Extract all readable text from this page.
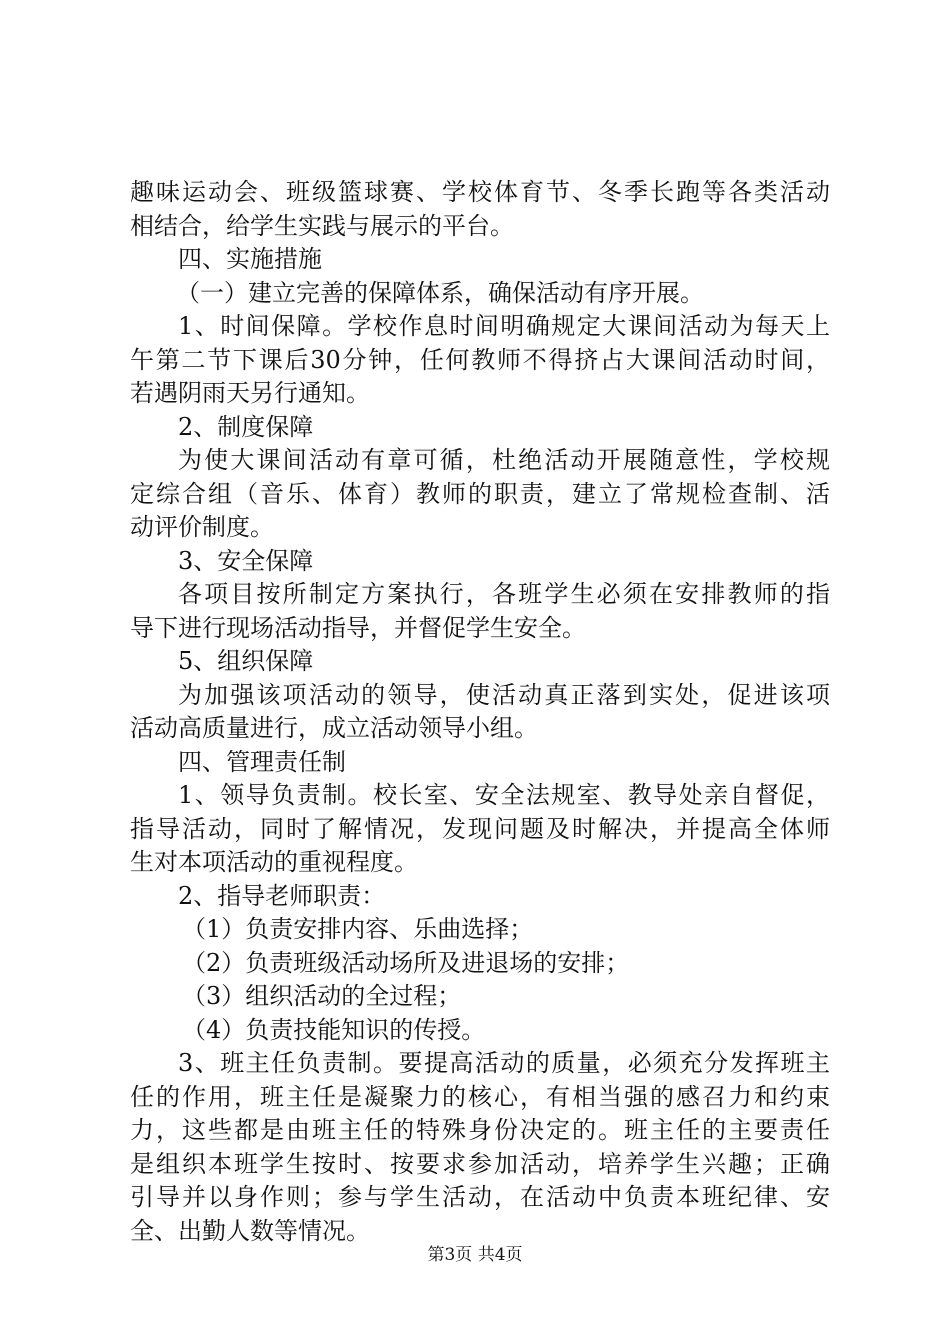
趣味运动会、班级篮球赛、学校体育节、冬季长跑等各类活动
相结合，给学生实践与展示的平台。
四、实施措施
（一）建立完善的保障体系，确保活动有序开展。
1、时间保障。学校作息时间明确规定大课间活动为每天上
午第二节下课后30分钟，任何教师不得挤占大课间活动时间，
若遇阴雨天另行通知。
2、制度保障
为使大课间活动有章可循，杜绝活动开展随意性，学校规
定综合组（音乐、体育）教师的职责，建立了常规检查制、活
动评价制度。
3、安全保障
各项目按所制定方案执行，各班学生必须在安排教师的指
导下进行现场活动指导，并督促学生安全。
5、组织保障
为加强该项活动的领导，使活动真正落到实处，促进该项
活动高质量进行，成立活动领导小组。
四、管理责任制
1、领导负责制。校长室、安全法规室、教导处亲自督促，
指导活动，同时了解情况，发现问题及时解决，并提高全体师
生对本项活动的重视程度。
2、指导老师职责：
（1）负责安排内容、乐曲选择；
（2）负责班级活动场所及进退场的安排；
（3）组织活动的全过程；
（4）负责技能知识的传授。
3、班主任负责制。要提高活动的质量，必须充分发挥班主
任的作用，班主任是凝聚力的核心，有相当强的感召力和约束
力，这些都是由班主任的特殊身份决定的。班主任的主要责任
是组织本班学生按时、按要求参加活动，培养学生兴趣；正确
引导并以身作则；参与学生活动，在活动中负责本班纪律、安
全、出勤人数等情况。
第3页 共4页
